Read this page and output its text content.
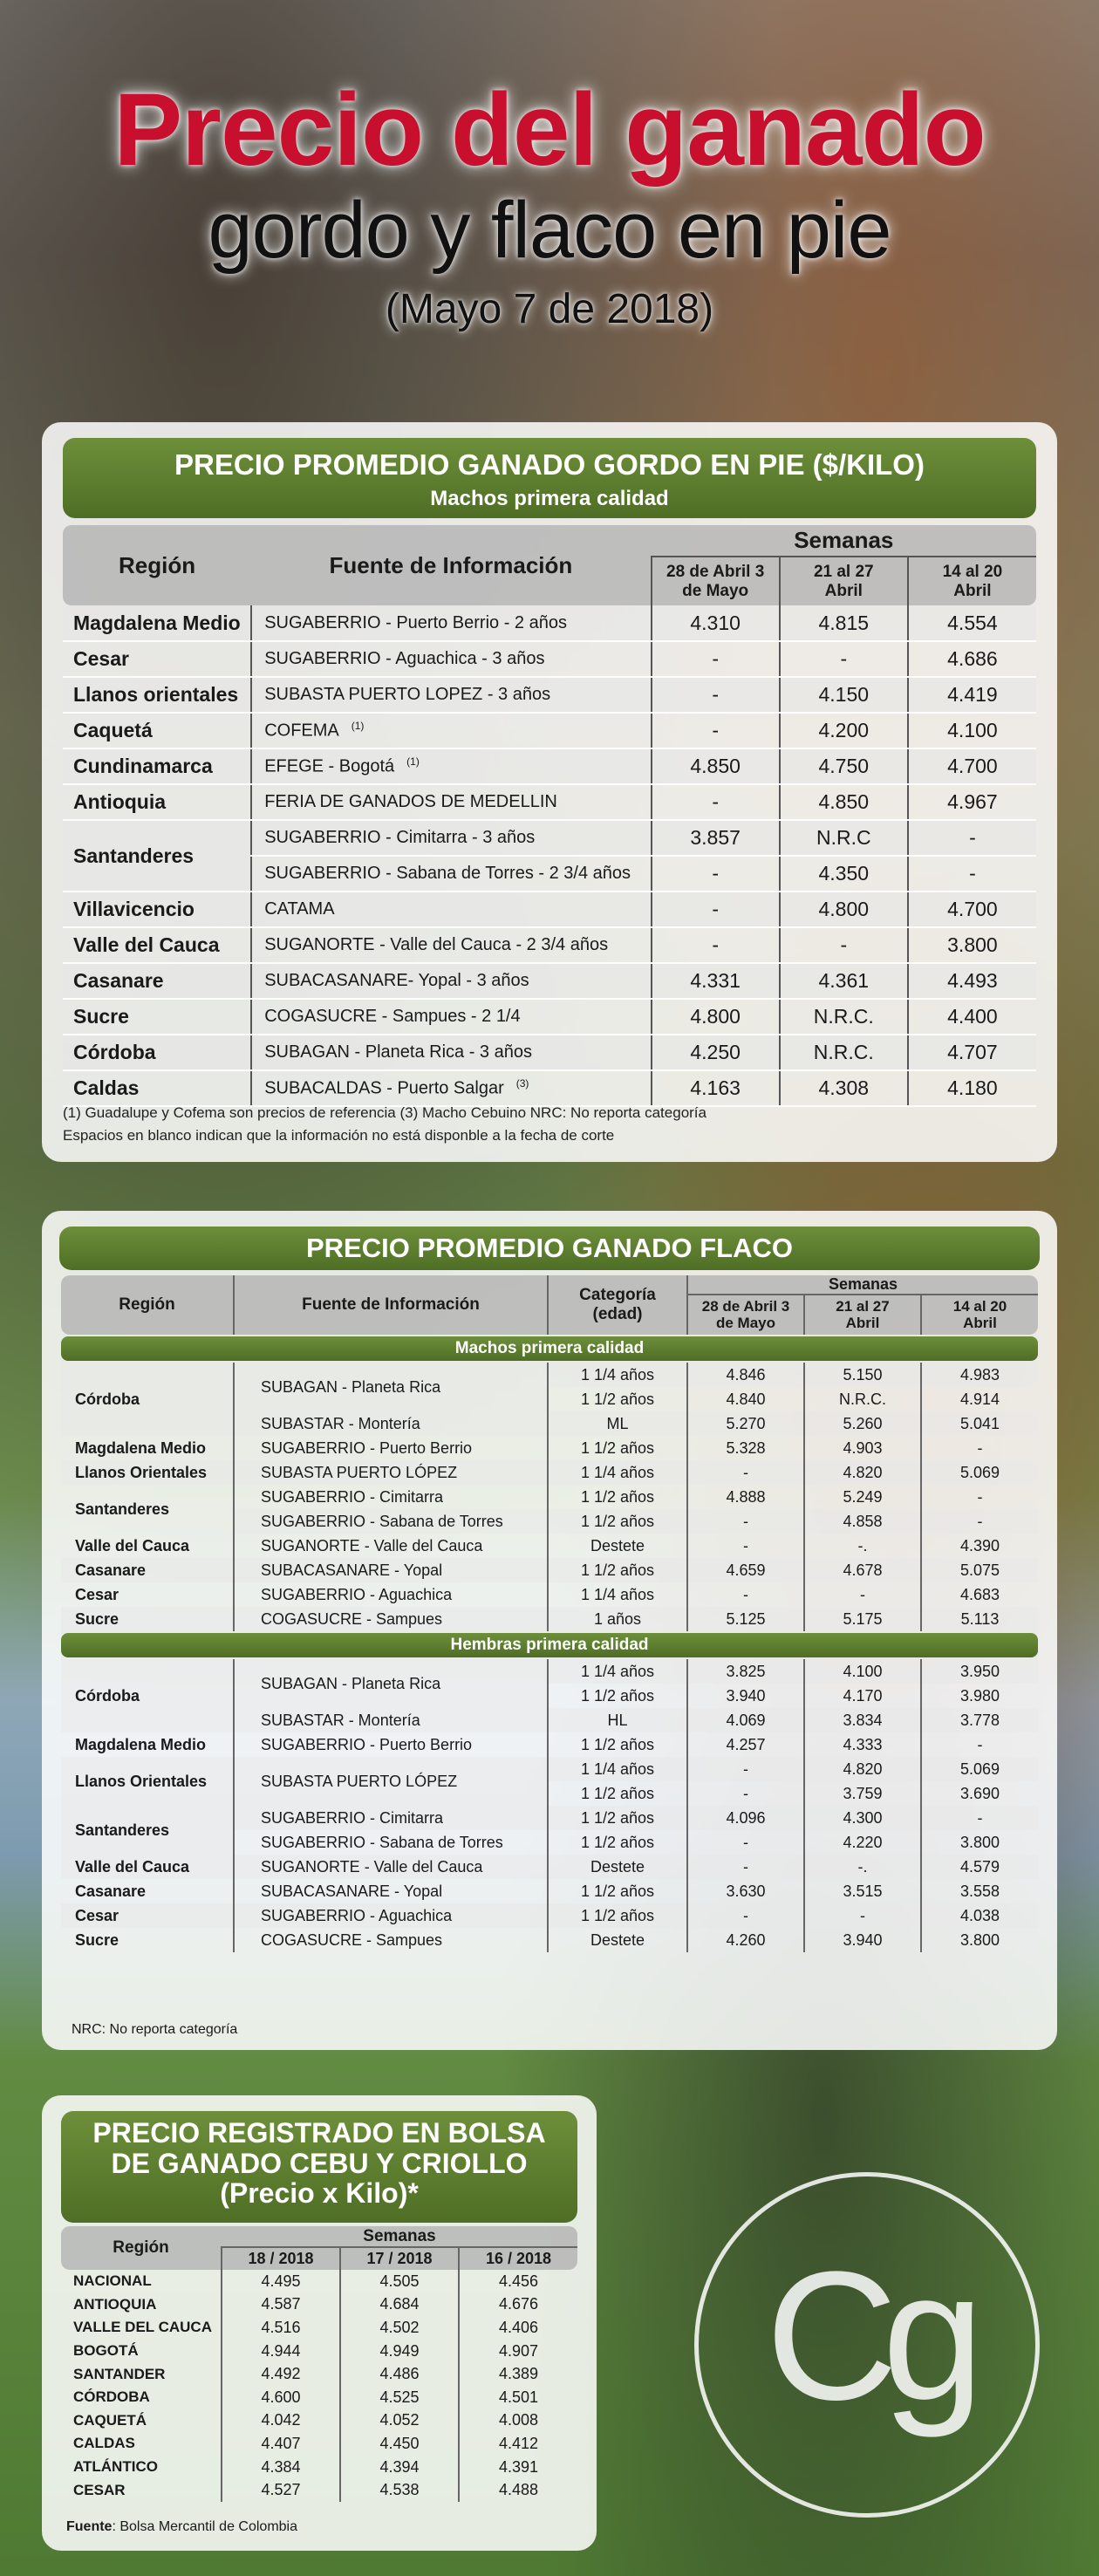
Precio del ganado
gordo y flaco en pie
(Mayo 7 de 2018)
PRECIO PROMEDIO GANADO GORDO EN PIE ($/KILO)
Machos primera calidad
Región	Fuente de Información	Semanas		
		28 de Abril 3 de Mayo	21 al 27 Abril	14 al 20 Abril
Magdalena Medio	SUGABERRIO - Puerto Berrio - 2 años	4.310	4.815	4.554
Cesar	SUGABERRIO - Aguachica - 3 años	-	-	4.686
Llanos orientales	SUBASTA PUERTO LOPEZ - 3 años	-	4.150	4.419
Caquetá	COFEMA $^{(1)}$	-	4.200	4.100
Cundinamarca	EFEGE - Bogotá $^{(1)}$	4.850	4.750	4.700
Antioquia	FERIA DE GANADOS DE MEDELLIN	-	4.850	4.967
Santanderes	SUGABERRIO - Cimitarra - 3 años	3.857	N.R.C	-
	SUGABERRIO - Sabana de Torres - 2 3/4 años	-	4.350	-
Villavicencio	CATAMA	-	4.800	4.700
Valle del Cauca	SUGANORTE - Valle del Cauca - 2 3/4 años	-	-	3.800
Casanare	SUBACASANARE- Yopal - 3 años	4.331	4.361	4.493
Sucre	COGASUCRE - Sampues - 2 1/4	4.800	N.R.C.	4.400
Córdoba	SUBAGAN - Planeta Rica - 3 años	4.250	N.R.C.	4.707
Caldas	SUBACALDAS - Puerto Salgar $^{(3)}$	4.163	4.308	4.180
(1) Guadalupe y Cofema son precios de referencia (3) Macho Cebuino NRC: No reporta categoría
Espacios en blanco indican que la información no está disponble a la fecha de corte
PRECIO PROMEDIO GANADO FLACO
Región	Fuente de Información	Categoría (edad)	Semanas		
			28 de Abril 3 de Mayo	21 al 27 Abril	14 al 20 Abril

Machos primera calidad					

Córdoba	SUBAGAN - Planeta Rica	1 1/4 años	4.846	5.150	4.983
		1 1/2 años	4.840	N.R.C.	4.914
	SUBASTAR - Montería	ML	5.270	5.260	5.041
Magdalena Medio	SUGABERRIO - Puerto Berrio	1 1/2 años	5.328	4.903	-
Llanos Orientales	SUBASTA PUERTO LÓPEZ	1 1/4 años	-	4.820	5.069
Santanderes	SUGABERRIO - Cimitarra	1 1/2 años	4.888	5.249	-
	SUGABERRIO - Sabana de Torres	1 1/2 años	-	4.858	-
Valle del Cauca	SUGANORTE - Valle del Cauca	Destete	-	-.	4.390
Casanare	SUBACASANARE - Yopal	1 1/2 años	4.659	4.678	5.075
Cesar	SUGABERRIO - Aguachica	1 1/4 años	-	-	4.683
Sucre	COGASUCRE - Sampues	1 años	5.125	5.175	5.113

Hembras primera calidad					

Córdoba	SUBAGAN - Planeta Rica	1 1/4 años	3.825	4.100	3.950
		1 1/2 años	3.940	4.170	3.980
	SUBASTAR - Montería	HL	4.069	3.834	3.778
Magdalena Medio	SUGABERRIO - Puerto Berrio	1 1/2 años	4.257	4.333	-
Llanos Orientales	SUBASTA PUERTO LÓPEZ	1 1/4 años	-	4.820	5.069
		1 1/2 años	-	3.759	3.690
Santanderes	SUGABERRIO - Cimitarra	1 1/2 años	4.096	4.300	-
	SUGABERRIO - Sabana de Torres	1 1/2 años	-	4.220	3.800
Valle del Cauca	SUGANORTE - Valle del Cauca	Destete	-	-.	4.579
Casanare	SUBACASANARE - Yopal	1 1/2 años	3.630	3.515	3.558
Cesar	SUGABERRIO - Aguachica	1 1/2 años	-	-	4.038
Sucre	COGASUCRE - Sampues	Destete	4.260	3.940	3.800
NRC: No reporta categoría
PRECIO REGISTRADO EN BOLSA
DE GANADO CEBU Y CRIOLLO
(Precio x Kilo)*
Región	Semanas		
	18 / 2018	17 / 2018	16 / 2018
NACIONAL	4.495	4.505	4.456
ANTIOQUIA	4.587	4.684	4.676
VALLE DEL CAUCA	4.516	4.502	4.406
BOGOTÁ	4.944	4.949	4.907
SANTANDER	4.492	4.486	4.389
CÓRDOBA	4.600	4.525	4.501
CAQUETÁ	4.042	4.052	4.008
CALDAS	4.407	4.450	4.412
ATLÁNTICO	4.384	4.394	4.391
CESAR	4.527	4.538	4.488
Fuente: Bolsa Mercantil de Colombia
Cg
